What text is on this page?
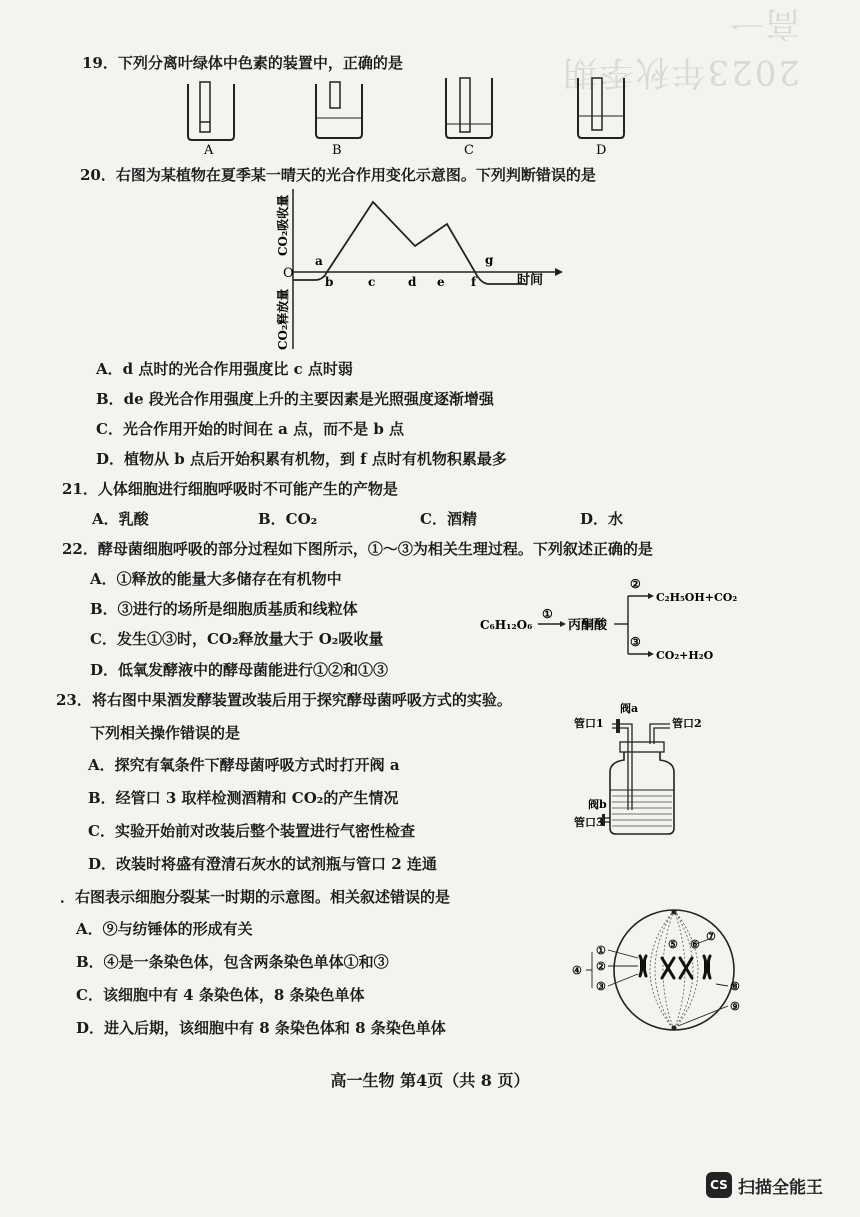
2023年秋季期高一
19．下列分离叶绿体中色素的装置中，正确的是
A	B	C	D
20．右图为某植物在夏季某一晴天的光合作用变化示意图。下列判断错误的是
O
CO₂吸收量
CO₂释放量
时间
a
b	c	d e f
g
A．d 点时的光合作用强度比 c 点时弱
B．de 段光合作用强度上升的主要因素是光照强度逐渐增强
C．光合作用开始的时间在 a 点，而不是 b 点
D．植物从 b 点后开始积累有机物，到 f 点时有机物积累最多
21．人体细胞进行细胞呼吸时不可能产生的产物是
A．乳酸	B．CO₂	C．酒精	D．水
22．酵母菌细胞呼吸的部分过程如下图所示，①～③为相关生理过程。下列叙述正确的是
A．①释放的能量大多储存在有机物中
B．③进行的场所是细胞质基质和线粒体
C．发生①③时，CO₂释放量大于 O₂吸收量
D．低氧发酵液中的酵母菌能进行①②和①③
C₆H₁₂O₆
①
丙酮酸
②
C₂H₅OH+CO₂
③
CO₂+H₂O
23．将右图中果酒发酵装置改装后用于探究酵母菌呼吸方式的实验。
下列相关操作错误的是
A．探究有氧条件下酵母菌呼吸方式时打开阀 a
B．经管口 3 取样检测酒精和 CO₂的产生情况
C．实验开始前对改装后整个装置进行气密性检查
D．改装时将盛有澄清石灰水的试剂瓶与管口 2 连通
阀a
管口1	管口2
阀b
管口3
．右图表示细胞分裂某一时期的示意图。相关叙述错误的是
A．⑨与纺锤体的形成有关
B．④是一条染色体，包含两条染色单体①和③
C．该细胞中有 4 条染色体，8 条染色单体
D．进入后期，该细胞中有 8 条染色体和 8 条染色单体
①
②
③
④
⑤ ⑥
⑦
⑧
⑨
高一生物 第4页（共 8 页）
CS 扫描全能王
